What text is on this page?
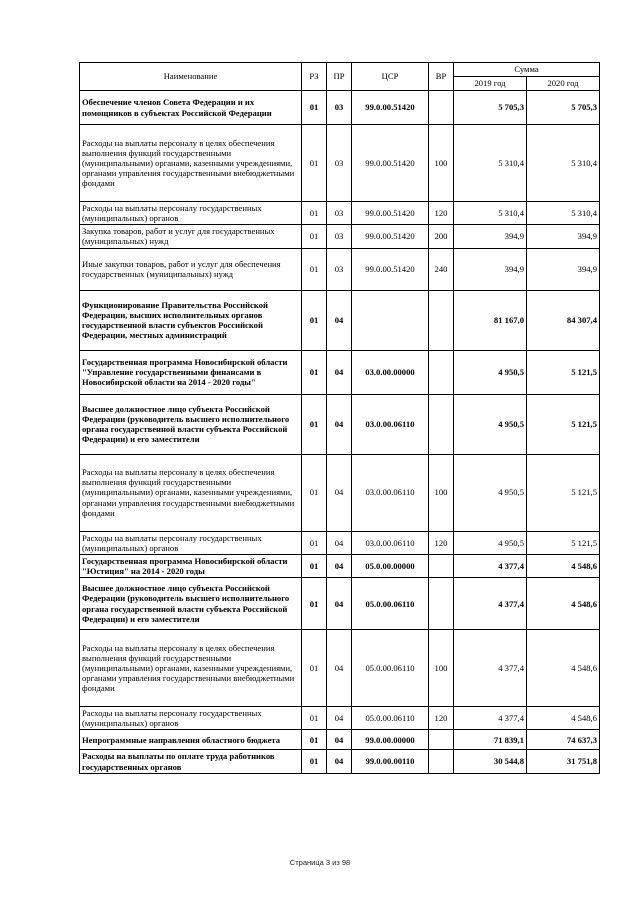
Наименование	РЗ	ПР	ЦСР	ВР	Сумма	
					2019 год	2020 год
Обеспечение членов Совета Федерации и их помощников в субъектах Российской Федерации	01	03	99.0.00.51420		5 705,3	5 705,3
Расходы на выплаты персоналу в целях обеспечения выполнения функций государственными (муниципальными) органами, казенными учреждениями, органами управления государственными внебюджетными фондами	01	03	99.0.00.51420	100	5 310,4	5 310,4
Расходы на выплаты персоналу государственных (муниципальных) органов	01	03	99.0.00.51420	120	5 310,4	5 310,4
Закупка товаров, работ и услуг для государственных (муниципальных) нужд	01	03	99.0.00.51420	200	394,9	394,9
Иные закупки товаров, работ и услуг для обеспечения государственных (муниципальных) нужд	01	03	99.0.00.51420	240	394,9	394,9
Функционирование Правительства Российской Федерации, высших исполнительных органов государственной власти субъектов Российской Федерации, местных администраций	01	04			81 167,0	84 307,4
Государственная программа Новосибирской области "Управление государственными финансами в Новосибирской области на 2014 - 2020 годы"	01	04	03.0.00.00000		4 950,5	5 121,5
Высшее должностное лицо субъекта Российской Федерации (руководитель высшего исполнительного органа государственной власти субъекта Российской Федерации) и его заместители	01	04	03.0.00.06110		4 950,5	5 121,5
Расходы на выплаты персоналу в целях обеспечения выполнения функций государственными (муниципальными) органами, казенными учреждениями, органами управления государственными внебюджетными фондами	01	04	03.0.00.06110	100	4 950,5	5 121,5
Расходы на выплаты персоналу государственных (муниципальных) органов	01	04	03.0.00.06110	120	4 950,5	5 121,5
Государственная программа Новосибирской области "Юстиция" на 2014 - 2020 годы	01	04	05.0.00.00000		4 377,4	4 548,6
Высшее должностное лицо субъекта Российской Федерации (руководитель высшего исполнительного органа государственной власти субъекта Российской Федерации) и его заместители	01	04	05.0.00.06110		4 377,4	4 548,6
Расходы на выплаты персоналу в целях обеспечения выполнения функций государственными (муниципальными) органами, казенными учреждениями, органами управления государственными внебюджетными фондами	01	04	05.0.00.06110	100	4 377,4	4 548,6
Расходы на выплаты персоналу государственных (муниципальных) органов	01	04	05.0.00.06110	120	4 377,4	4 548,6
Непрограммные направления областного бюджета	01	04	99.0.00.00000		71 839,1	74 637,3
Расходы на выплаты по оплате труда работников государственных органов	01	04	99.0.00.00110		30 544,8	31 751,8
Страница 3 из 98
